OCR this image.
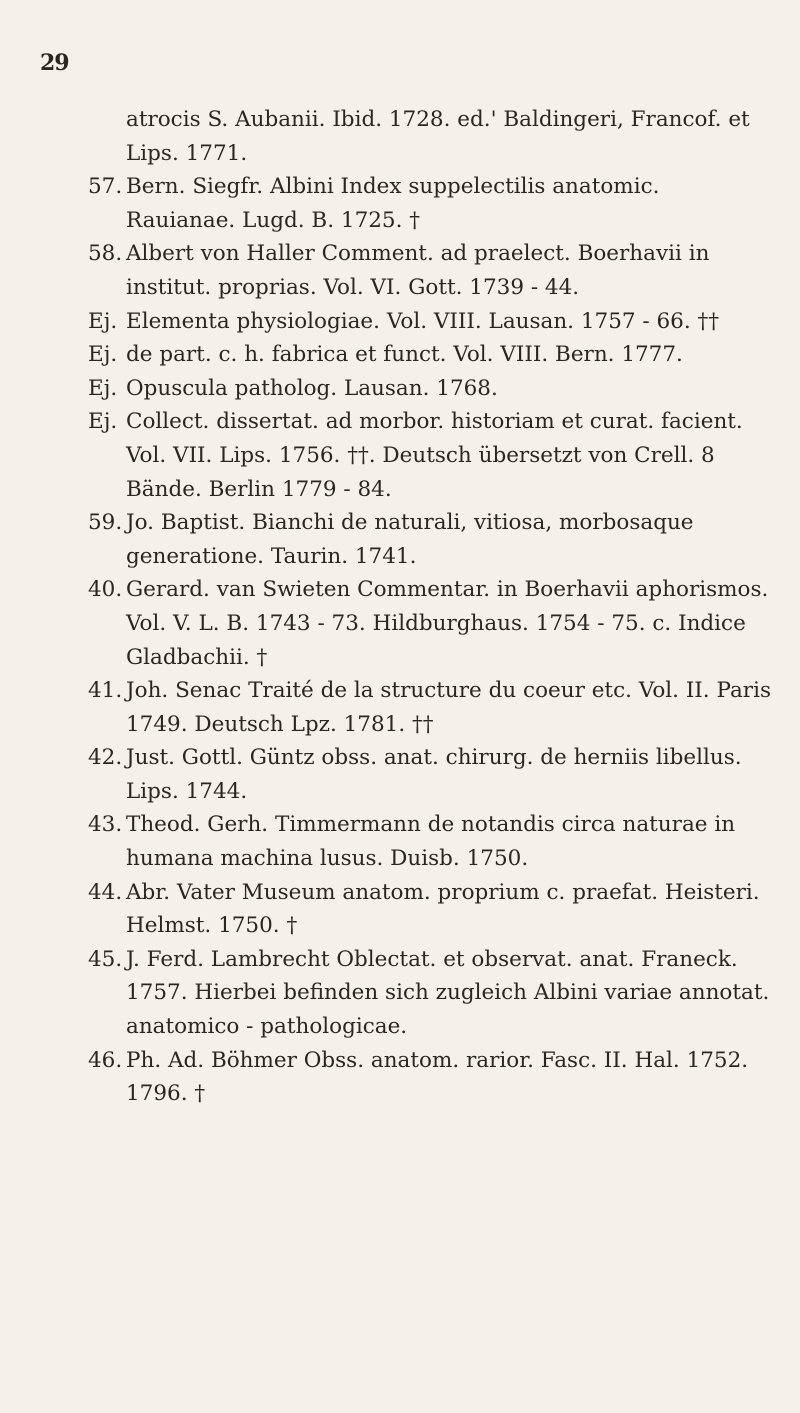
29
atrocis S. Aubanii. Ibid. 1728. ed.' Baldingeri, Francof. et Lips. 1771.
57. Bern. Siegfr. Albini Index suppelectilis anatomic. Rauianae. Lugd. B. 1725. †
58. Albert von Haller Comment. ad praelect. Boerhavii in institut. proprias. Vol. VI. Gott. 1739 - 44.
Ej. Elementa physiologiae. Vol. VIII. Lausan. 1757 - 66. ††
Ej. de part. c. h. fabrica et funct. Vol. VIII. Bern. 1777.
Ej. Opuscula patholog. Lausan. 1768.
Ej. Collect. dissertat. ad morbor. historiam et curat. facient. Vol. VII. Lips. 1756. ††. Deutsch übersetzt von Crell. 8 Bände. Berlin 1779 - 84.
59. Jo. Baptist. Bianchi de naturali, vitiosa, morbosaque generatione. Taurin. 1741.
40. Gerard. van Swieten Commentar. in Boerhavii aphorismos. Vol. V. L. B. 1743 - 73. Hildburghaus. 1754 - 75. c. Indice Gladbachii. †
41. Joh. Senac Traité de la structure du coeur etc. Vol. II. Paris 1749. Deutsch Lpz. 1781. ††
42. Just. Gottl. Güntz obss. anat. chirurg. de herniis libellus. Lips. 1744.
43. Theod. Gerh. Timmermann de notandis circa naturae in humana machina lusus. Duisb. 1750.
44. Abr. Vater Museum anatom. proprium c. praefat. Heisteri. Helmst. 1750. †
45. J. Ferd. Lambrecht Oblectat. et observat. anat. Franeck. 1757. Hierbei befinden sich zugleich Albini variae annotat. anatomico - pathologicae.
46. Ph. Ad. Böhmer Obss. anatom. rarior. Fasc. II. Hal. 1752. 1796. †
